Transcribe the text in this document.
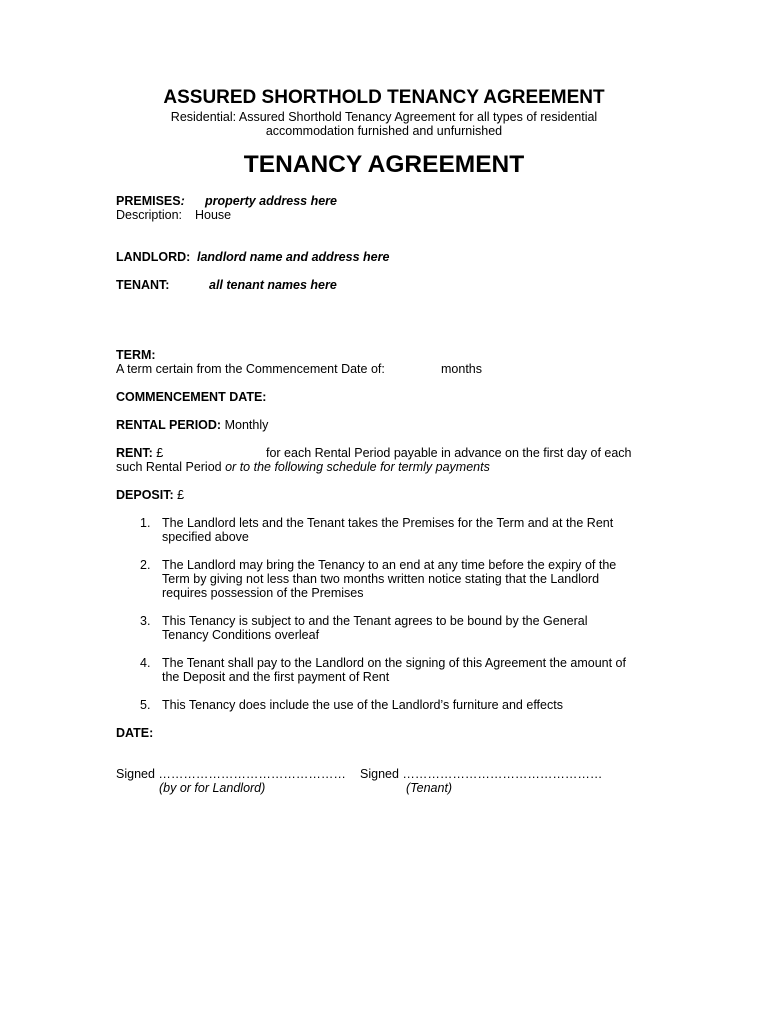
ASSURED SHORTHOLD TENANCY AGREEMENT
Residential: Assured Shorthold Tenancy Agreement for all types of residential
accommodation furnished and unfurnished
TENANCY AGREEMENT
PREMISES: property address here
Description: House
LANDLORD: landlord name and address here
TENANT:	all tenant names here
TERM:
A term certain from the Commencement Date of:	months
COMMENCEMENT DATE:
RENTAL PERIOD: Monthly
RENT: £	for each Rental Period payable in advance on the first day of each
such Rental Period or to the following schedule for termly payments
DEPOSIT: £
1. The Landlord lets and the Tenant takes the Premises for the Term and at the Rent
specified above
2. The Landlord may bring the Tenancy to an end at any time before the expiry of the
Term by giving not less than two months written notice stating that the Landlord
requires possession of the Premises
3. This Tenancy is subject to and the Tenant agrees to be bound by the General
Tenancy Conditions overleaf
4. The Tenant shall pay to the Landlord on the signing of this Agreement the amount of
the Deposit and the first payment of Rent
5. This Tenancy does include the use of the Landlord’s furniture and effects
DATE:
Signed ……………………………………… Signed …………………………………………
(by or for Landlord)	(Tenant)
